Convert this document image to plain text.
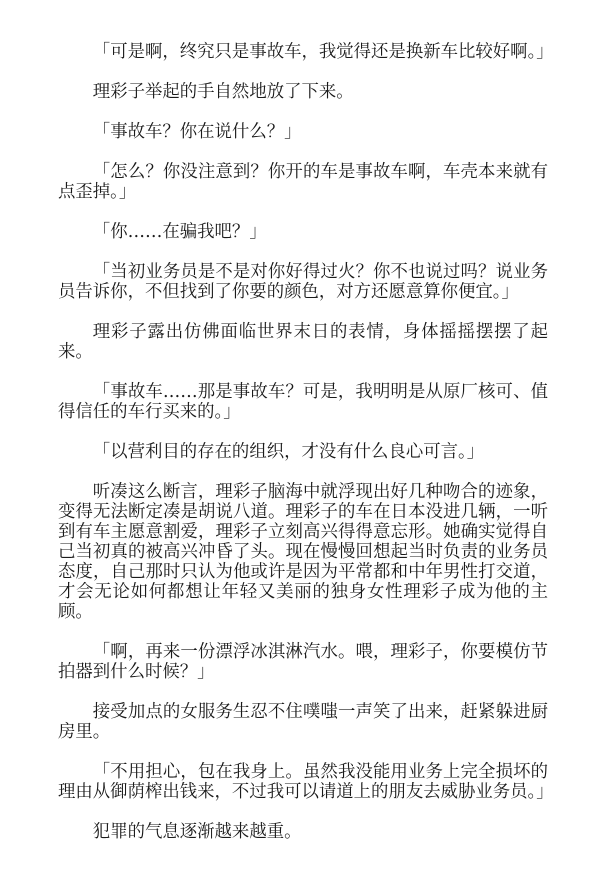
「可是啊，终究只是事故车，我觉得还是换新车比较好啊。」

理彩子举起的手自然地放了下来。

「事故车？你在说什么？」

「怎么？你没注意到？你开的车是事故车啊，车壳本来就有点歪掉。」

「你……在骗我吧？」

「当初业务员是不是对你好得过火？你不也说过吗？说业务员告诉你，不但找到了你要的颜色，对方还愿意算你便宜。」

理彩子露出仿佛面临世界末日的表情，身体摇摇摆摆了起来。

「事故车……那是事故车？可是，我明明是从原厂核可、值得信任的车行买来的。」

「以营利目的存在的组织，才没有什么良心可言。」

听凑这么断言，理彩子脑海中就浮现出好几种吻合的迹象，变得无法断定凑是胡说八道。理彩子的车在日本没进几辆，一听到有车主愿意割爱，理彩子立刻高兴得得意忘形。她确实觉得自己当初真的被高兴冲昏了头。现在慢慢回想起当时负责的业务员态度，自己那时只认为他或许是因为平常都和中年男性打交道，才会无论如何都想让年轻又美丽的独身女性理彩子成为他的主顾。

「啊，再来一份漂浮冰淇淋汽水。喂，理彩子，你要模仿节拍器到什么时候？」

接受加点的女服务生忍不住噗嗤一声笑了出来，赶紧躲进厨房里。

「不用担心，包在我身上。虽然我没能用业务上完全损坏的理由从御荫榨出钱来，不过我可以请道上的朋友去威胁业务员。」

犯罪的气息逐渐越来越重。
